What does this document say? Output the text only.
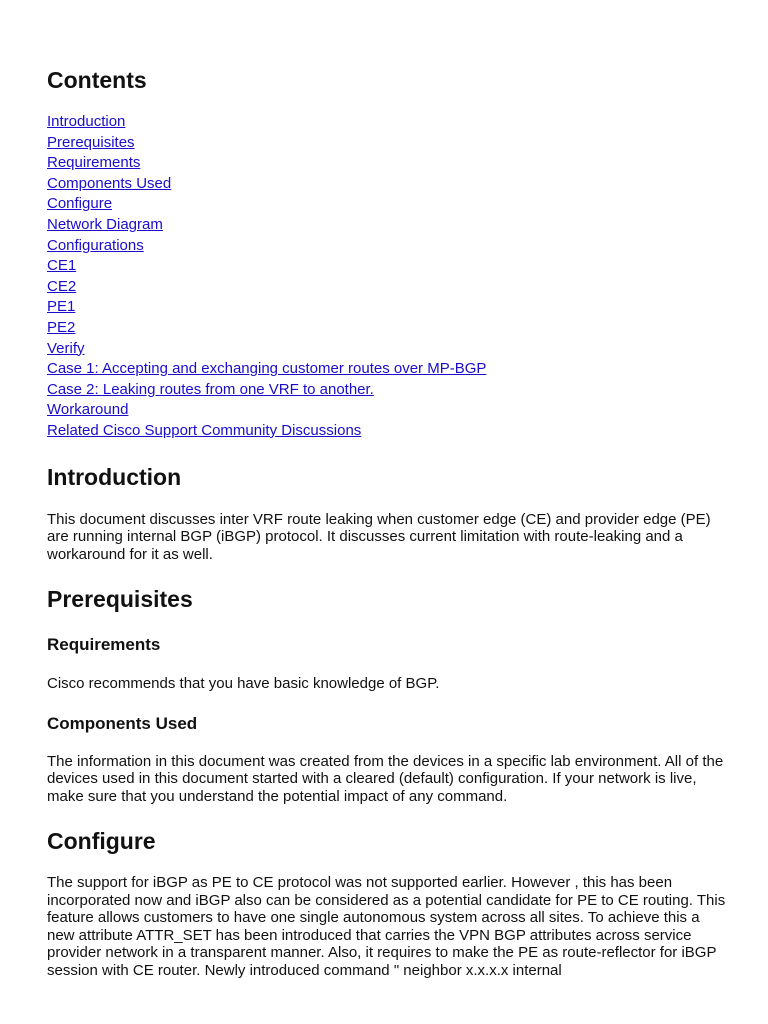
Contents
Introduction
Prerequisites
Requirements
Components Used
Configure
Network Diagram
Configurations
CE1
CE2
PE1
PE2
Verify
Case 1: Accepting and exchanging customer routes over MP-BGP
Case 2: Leaking routes from one VRF to another.
Workaround
Related Cisco Support Community Discussions
Introduction

This document discusses inter VRF route leaking when customer edge (CE) and provider edge (PE) are running internal BGP (iBGP) protocol. It discusses current limitation with route-leaking and a workaround for it as well.

Prerequisites
Requirements

Cisco recommends that you have basic knowledge of BGP.

Components Used

The information in this document was created from the devices in a specific lab environment. All of the devices used in this document started with a cleared (default) configuration. If your network is live, make sure that you understand the potential impact of any command.

Configure

The support for iBGP as PE to CE protocol was not supported earlier. However , this has been incorporated now and iBGP also can be considered as a potential candidate for PE to CE routing. This feature allows customers to have one single autonomous system across all sites. To achieve this a new attribute ATTR_SET has been introduced that carries the VPN BGP attributes across service provider network in a transparent manner. Also, it requires to make the PE as route-reflector for iBGP session with CE router. Newly introduced command " neighbor x.x.x.x internal
